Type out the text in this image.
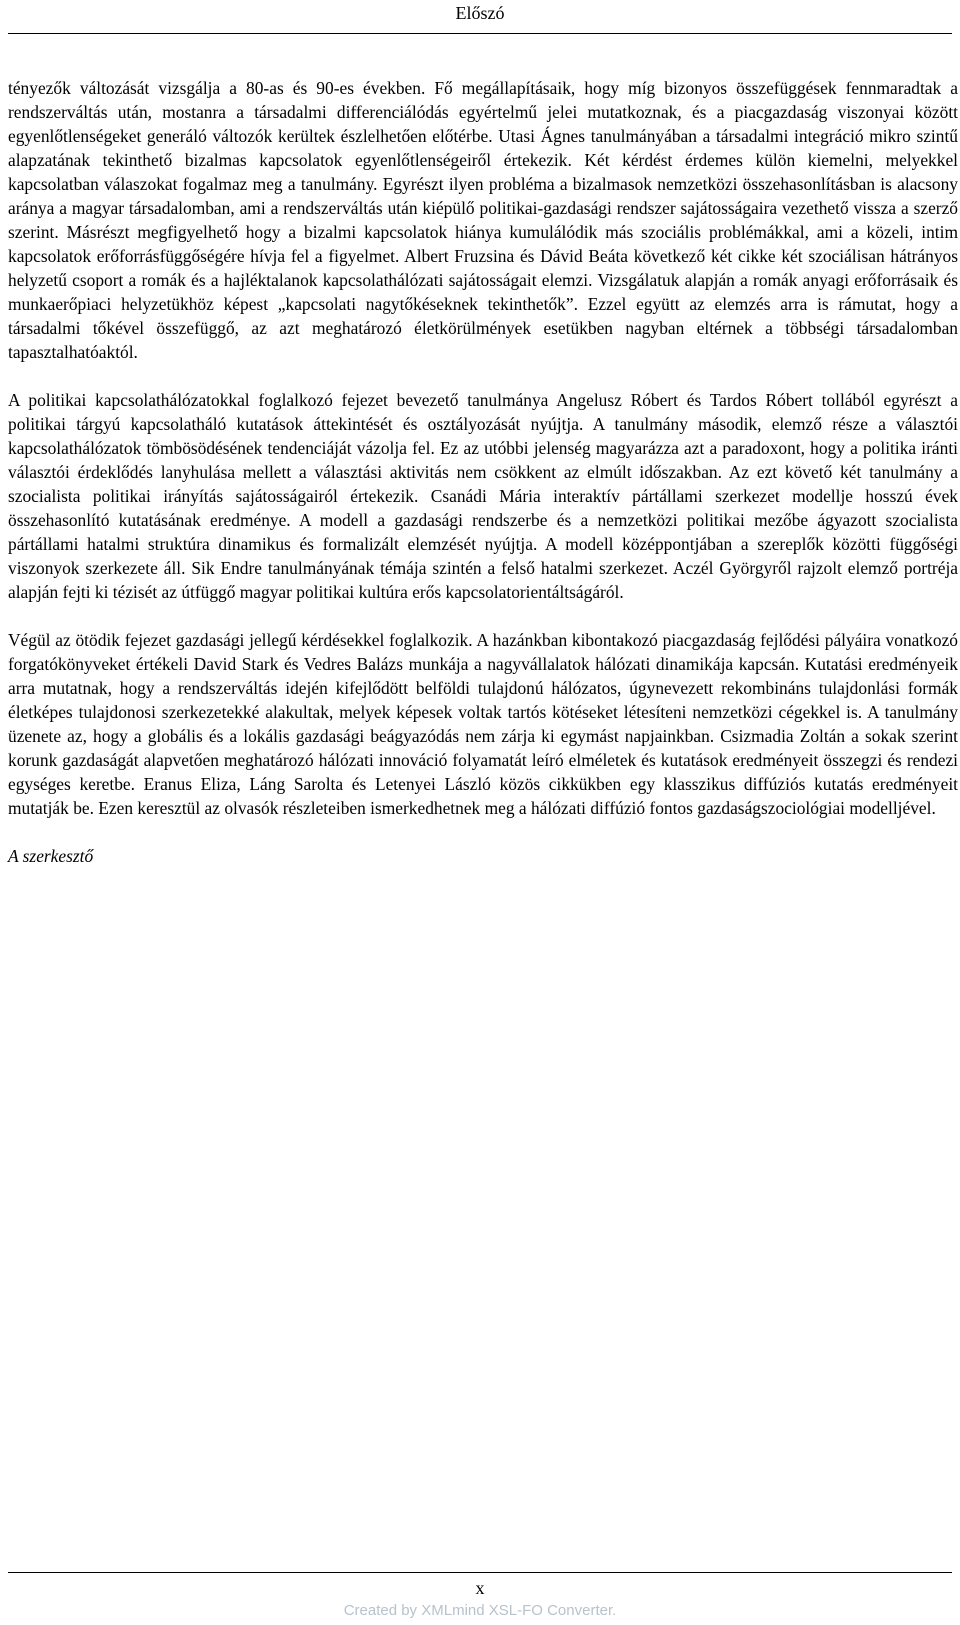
Előszó

tényezők változását vizsgálja a 80-as és 90-es években. Fő megállapításaik, hogy míg bizonyos összefüggések fennmaradtak a rendszerváltás után, mostanra a társadalmi differenciálódás egyértelmű jelei mutatkoznak, és a piacgazdaság viszonyai között egyenlőtlenségeket generáló változók kerültek észlelhetően előtérbe. Utasi Ágnes tanulmányában a társadalmi integráció mikro szintű alapzatának tekinthető bizalmas kapcsolatok egyenlőtlenségeiről értekezik. Két kérdést érdemes külön kiemelni, melyekkel kapcsolatban válaszokat fogalmaz meg a tanulmány. Egyrészt ilyen probléma a bizalmasok nemzetközi összehasonlításban is alacsony aránya a magyar társadalomban, ami a rendszerváltás után kiépülő politikai-gazdasági rendszer sajátosságaira vezethető vissza a szerző szerint. Másrészt megfigyelhető hogy a bizalmi kapcsolatok hiánya kumulálódik más szociális problémákkal, ami a közeli, intim kapcsolatok erőforrásfüggőségére hívja fel a figyelmet. Albert Fruzsina és Dávid Beáta következő két cikke két szociálisan hátrányos helyzetű csoport a romák és a hajléktalanok kapcsolathálózati sajátosságait elemzi. Vizsgálatuk alapján a romák anyagi erőforrásaik és munkaerőpiaci helyzetükhöz képest „kapcsolati nagytőkéseknek tekinthetők”. Ezzel együtt az elemzés arra is rámutat, hogy a társadalmi tőkével összefüggő, az azt meghatározó életkörülmények esetükben nagyban eltérnek a többségi társadalomban tapasztalhatóaktól.

A politikai kapcsolathálózatokkal foglalkozó fejezet bevezető tanulmánya Angelusz Róbert és Tardos Róbert tollából egyrészt a politikai tárgyú kapcsolatháló kutatások áttekintését és osztályozását nyújtja. A tanulmány második, elemző része a választói kapcsolathálózatok tömbösödésének tendenciáját vázolja fel. Ez az utóbbi jelenség magyarázza azt a paradoxont, hogy a politika iránti választói érdeklődés lanyhulása mellett a választási aktivitás nem csökkent az elmúlt időszakban. Az ezt követő két tanulmány a szocialista politikai irányítás sajátosságairól értekezik. Csanádi Mária interaktív pártállami szerkezet modellje hosszú évek összehasonlító kutatásának eredménye. A modell a gazdasági rendszerbe és a nemzetközi politikai mezőbe ágyazott szocialista pártállami hatalmi struktúra dinamikus és formalizált elemzését nyújtja. A modell középpontjában a szereplők közötti függőségi viszonyok szerkezete áll. Sik Endre tanulmányának témája szintén a felső hatalmi szerkezet. Aczél Györgyről rajzolt elemző portréja alapján fejti ki tézisét az útfüggő magyar politikai kultúra erős kapcsolatorientáltságáról.

Végül az ötödik fejezet gazdasági jellegű kérdésekkel foglalkozik. A hazánkban kibontakozó piacgazdaság fejlődési pályáira vonatkozó forgatókönyveket értékeli David Stark és Vedres Balázs munkája a nagyvállalatok hálózati dinamikája kapcsán. Kutatási eredményeik arra mutatnak, hogy a rendszerváltás idején kifejlődött belföldi tulajdonú hálózatos, úgynevezett rekombináns tulajdonlási formák életképes tulajdonosi szerkezetekké alakultak, melyek képesek voltak tartós kötéseket létesíteni nemzetközi cégekkel is. A tanulmány üzenete az, hogy a globális és a lokális gazdasági beágyazódás nem zárja ki egymást napjainkban. Csizmadia Zoltán a sokak szerint korunk gazdaságát alapvetően meghatározó hálózati innováció folyamatát leíró elméletek és kutatások eredményeit összegzi és rendezi egységes keretbe. Eranus Eliza, Láng Sarolta és Letenyei László közös cikkükben egy klasszikus diffúziós kutatás eredményeit mutatják be. Ezen keresztül az olvasók részleteiben ismerkedhetnek meg a hálózati diffúzió fontos gazdaságszociológiai modelljével.

A szerkesztő

x
Created by XMLmind XSL-FO Converter.
